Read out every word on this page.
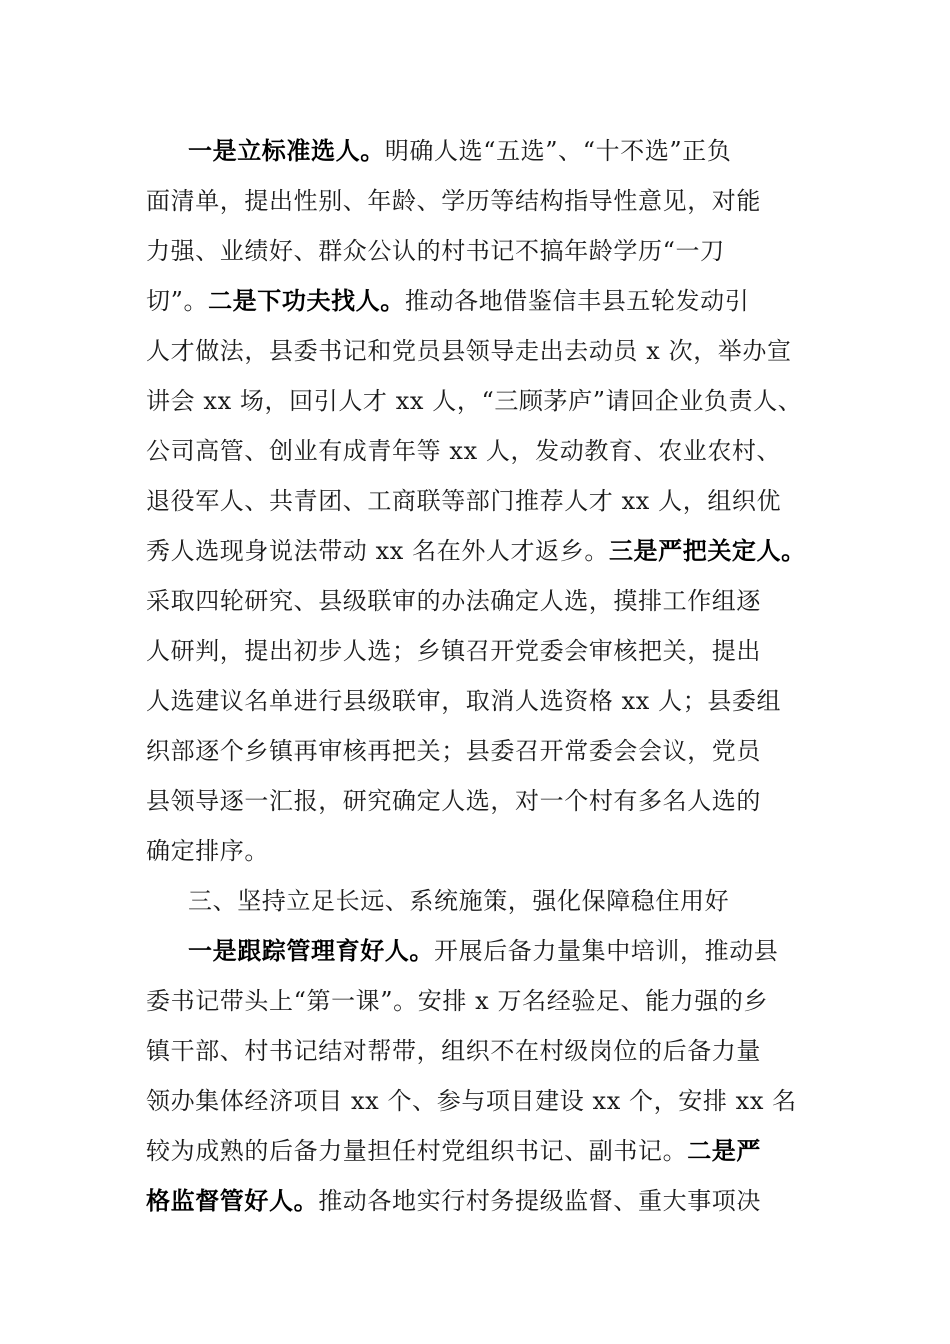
一是立标准选人。明确人选“五选”、“十不选”正负
面清单，提出性别、年龄、学历等结构指导性意见，对能
力强、业绩好、群众公认的村书记不搞年龄学历“一刀
切”。二是下功夫找人。推动各地借鉴信丰县五轮发动引
人才做法，县委书记和党员县领导走出去动员 x 次，举办宣
讲会 xx 场，回引人才 xx 人，“三顾茅庐”请回企业负责人、
公司高管、创业有成青年等 xx 人，发动教育、农业农村、
退役军人、共青团、工商联等部门推荐人才 xx 人，组织优
秀人选现身说法带动 xx 名在外人才返乡。三是严把关定人。
采取四轮研究、县级联审的办法确定人选，摸排工作组逐
人研判，提出初步人选；乡镇召开党委会审核把关，提出
人选建议名单进行县级联审，取消人选资格 xx 人；县委组
织部逐个乡镇再审核再把关；县委召开常委会会议，党员
县领导逐一汇报，研究确定人选，对一个村有多名人选的
确定排序。
三、坚持立足长远、系统施策，强化保障稳住用好
一是跟踪管理育好人。开展后备力量集中培训，推动县
委书记带头上“第一课”。安排 x 万名经验足、能力强的乡
镇干部、村书记结对帮带，组织不在村级岗位的后备力量
领办集体经济项目 xx 个、参与项目建设 xx 个，安排 xx 名
较为成熟的后备力量担任村党组织书记、副书记。二是严
格监督管好人。推动各地实行村务提级监督、重大事项决
